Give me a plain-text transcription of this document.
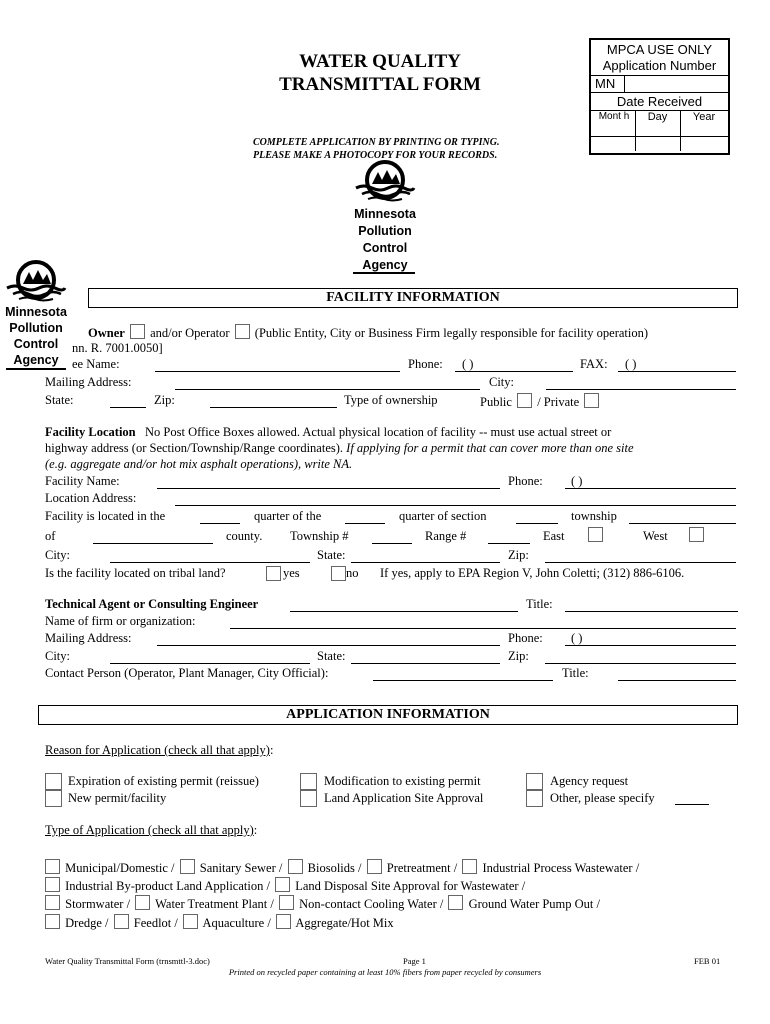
WATER QUALITY
TRANSMITTAL FORM
COMPLETE APPLICATION BY PRINTING OR TYPING.
PLEASE MAKE A PHOTOCOPY FOR YOUR RECORDS.
Minnesota
Pollution
Control
Agency
MPCA USE ONLY
Application Number
MN
Date Received
Mont h	Day	Year
FACILITY INFORMATION
Minnesota
Pollution
Control
Agency
Owner and/or Operator (Public Entity, City or Business Firm legally responsible for facility operation)
nn. R. 7001.0050]
ee Name:	Phone: ( )	FAX: ( )
Mailing Address:	City:
State:	Zip:	Type of ownership	Public / Private
Facility Location No Post Office Boxes allowed. Actual physical location of facility -- must use actual street or
highway address (or Section/Township/Range coordinates). If applying for a permit that can cover more than one site
(e.g. aggregate and/or hot mix asphalt operations), write NA.
Facility Name:	Phone: ( )
Location Address:
Facility is located in the	quarter of the	quarter of section	township
of	county. Township #	Range #	East	West
City:	State:	Zip:
Is the facility located on tribal land?	yes	no If yes, apply to EPA Region V, John Coletti; (312) 886-6106.
Technical Agent or Consulting Engineer	Title:
Name of firm or organization:
Mailing Address:	Phone: ( )
City:	State:	Zip:
Contact Person (Operator, Plant Manager, City Official):	Title:
APPLICATION INFORMATION
Reason for Application (check all that apply):
Expiration of existing permit (reissue)
New permit/facility
Modification to existing permit
Land Application Site Approval
Agency request
Other, please specify
Type of Application (check all that apply):
Municipal/Domestic / Sanitary Sewer / Biosolids / Pretreatment / Industrial Process Wastewater /
Industrial By-product Land Application / Land Disposal Site Approval for Wastewater /
Stormwater / Water Treatment Plant / Non-contact Cooling Water / Ground Water Pump Out /
Dredge / Feedlot / Aquaculture / Aggregate/Hot Mix
Water Quality Transmittal Form (trnsmttl-3.doc)	Page 1	FEB 01
Printed on recycled paper containing at least 10% fibers from paper recycled by consumers
